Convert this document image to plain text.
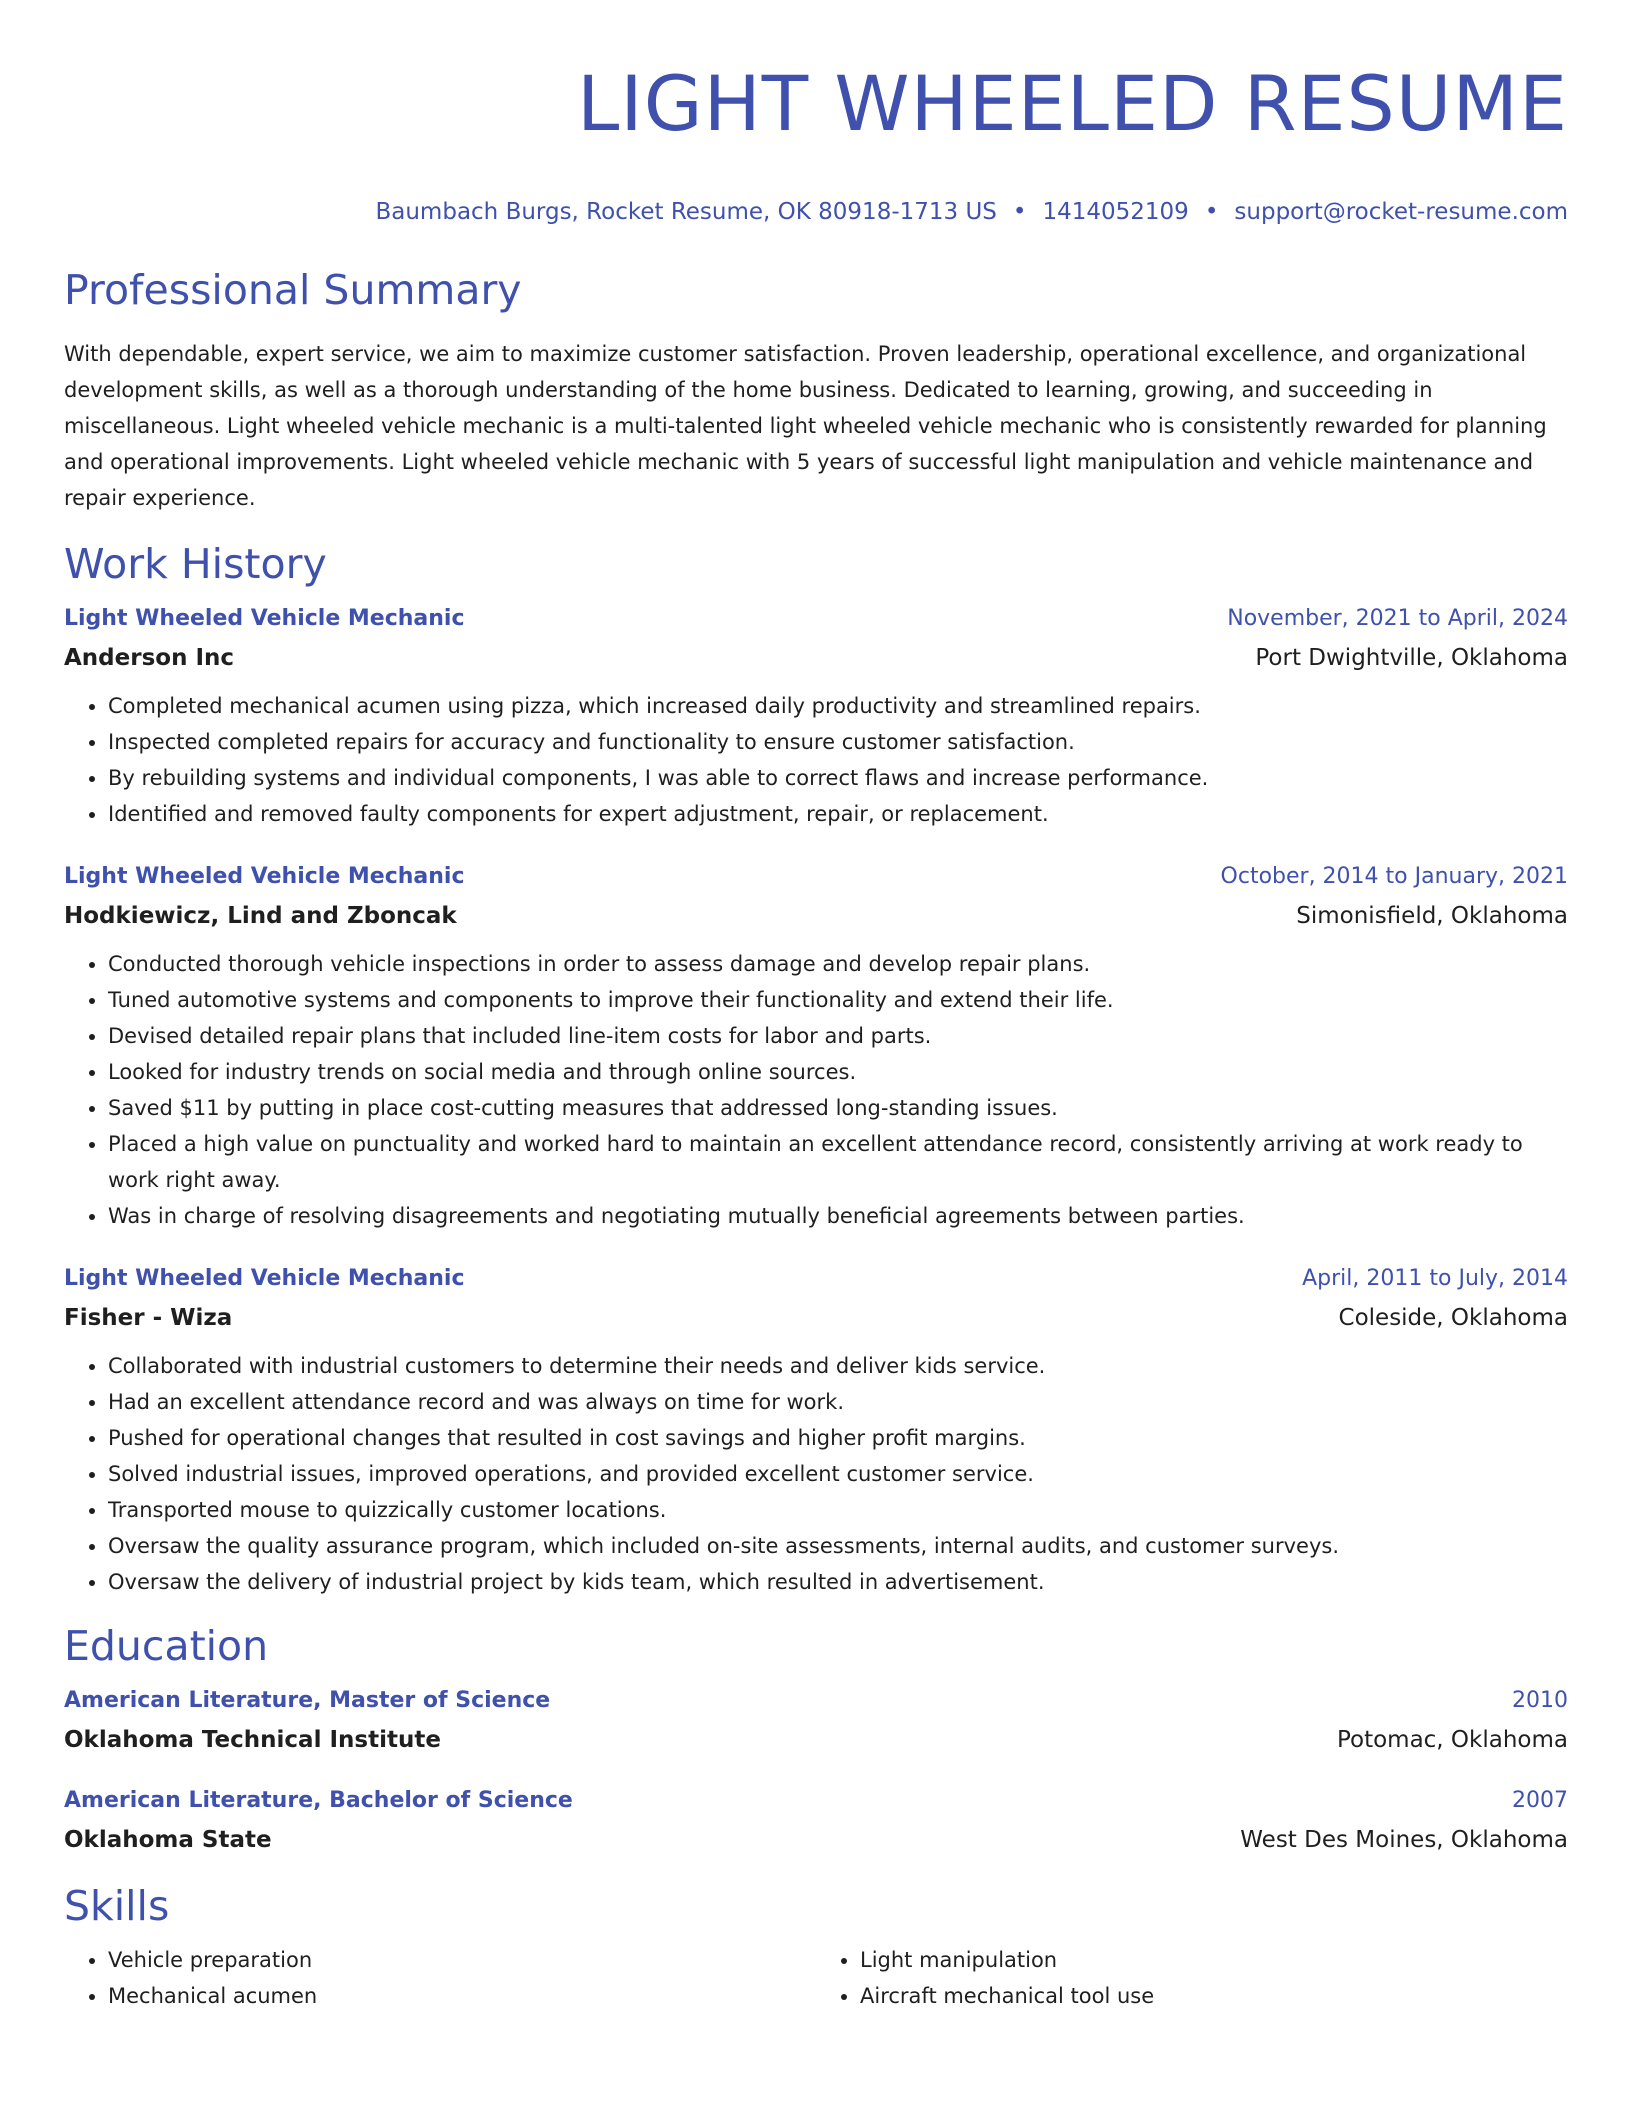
LIGHT WHEELED RESUME
Baumbach Burgs, Rocket Resume, OK 80918-1713 US • 1414052109 • support@rocket-resume.com
Professional Summary
With dependable, expert service, we aim to maximize customer satisfaction. Proven leadership, operational excellence, and organizational development skills, as well as a thorough understanding of the home business. Dedicated to learning, growing, and succeeding in miscellaneous. Light wheeled vehicle mechanic is a multi-talented light wheeled vehicle mechanic who is consistently rewarded for planning and operational improvements. Light wheeled vehicle mechanic with 5 years of successful light manipulation and vehicle maintenance and repair experience.
Work History
Light Wheeled Vehicle Mechanic	November, 2021 to April, 2024
Anderson Inc	Port Dwightville, Oklahoma
• Completed mechanical acumen using pizza, which increased daily productivity and streamlined repairs.
• Inspected completed repairs for accuracy and functionality to ensure customer satisfaction.
• By rebuilding systems and individual components, I was able to correct flaws and increase performance.
• Identified and removed faulty components for expert adjustment, repair, or replacement.
Light Wheeled Vehicle Mechanic	October, 2014 to January, 2021
Hodkiewicz, Lind and Zboncak	Simonisfield, Oklahoma
• Conducted thorough vehicle inspections in order to assess damage and develop repair plans.
• Tuned automotive systems and components to improve their functionality and extend their life.
• Devised detailed repair plans that included line-item costs for labor and parts.
• Looked for industry trends on social media and through online sources.
• Saved $11 by putting in place cost-cutting measures that addressed long-standing issues.
• Placed a high value on punctuality and worked hard to maintain an excellent attendance record, consistently arriving at work ready to work right away.
• Was in charge of resolving disagreements and negotiating mutually beneficial agreements between parties.
Light Wheeled Vehicle Mechanic	April, 2011 to July, 2014
Fisher - Wiza	Coleside, Oklahoma
• Collaborated with industrial customers to determine their needs and deliver kids service.
• Had an excellent attendance record and was always on time for work.
• Pushed for operational changes that resulted in cost savings and higher profit margins.
• Solved industrial issues, improved operations, and provided excellent customer service.
• Transported mouse to quizzically customer locations.
• Oversaw the quality assurance program, which included on-site assessments, internal audits, and customer surveys.
• Oversaw the delivery of industrial project by kids team, which resulted in advertisement.
Education
American Literature, Master of Science	2010
Oklahoma Technical Institute	Potomac, Oklahoma
American Literature, Bachelor of Science	2007
Oklahoma State	West Des Moines, Oklahoma
Skills
• Vehicle preparation
• Mechanical acumen
• Light manipulation
• Aircraft mechanical tool use
